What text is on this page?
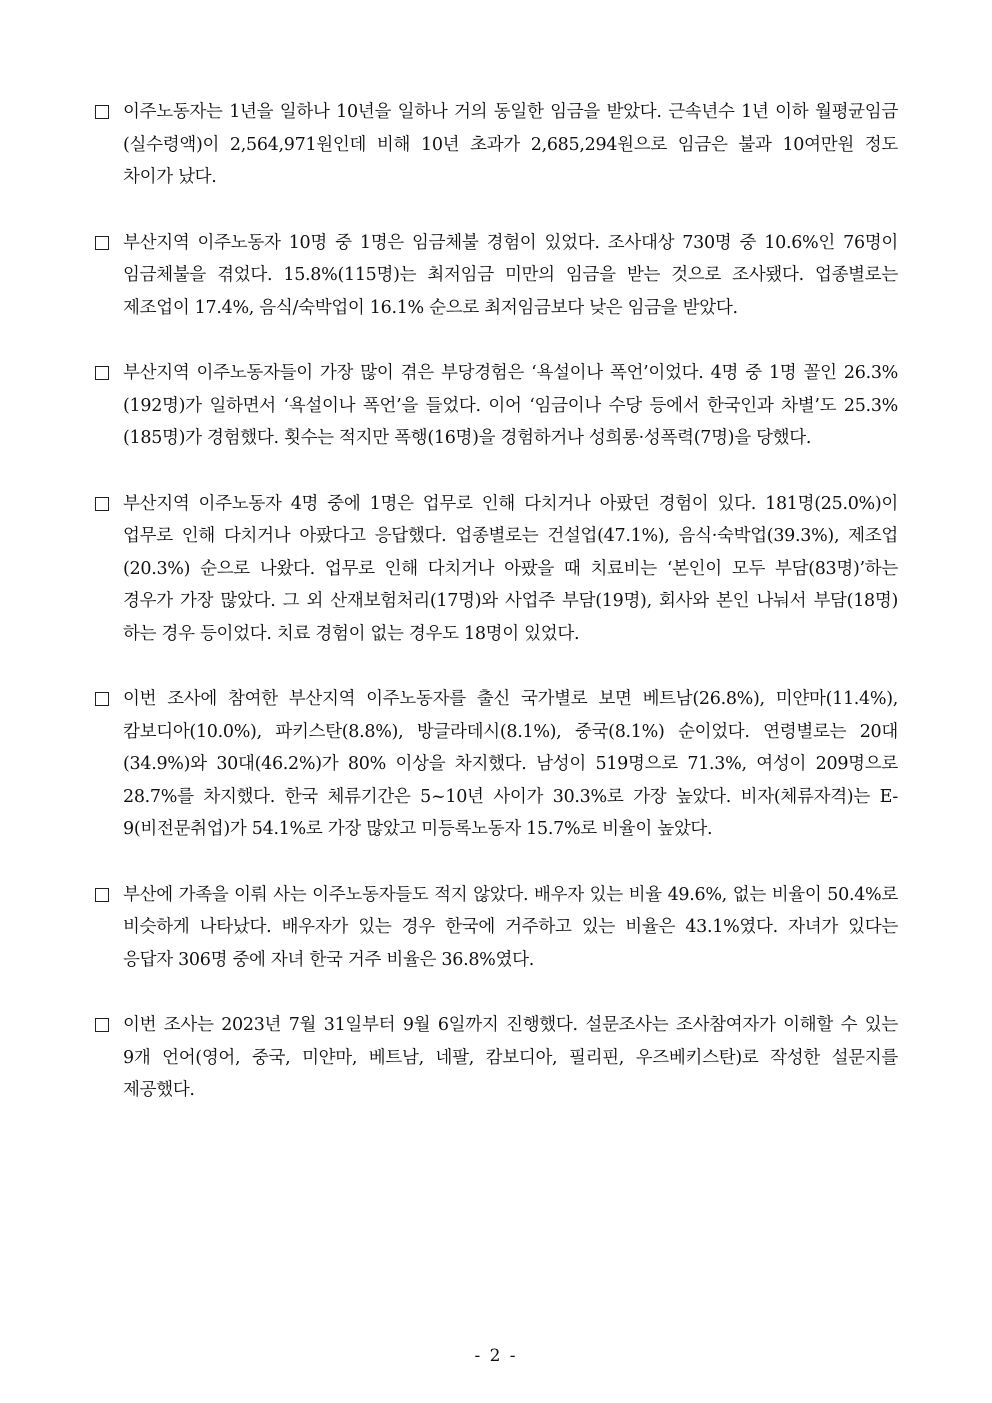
이주노동자는 1년을 일하나 10년을 일하나 거의 동일한 임금을 받았다. 근속년수 1년 이하 월평균임금(실수령액)이 2,564,971원인데 비해 10년 초과가 2,685,294원으로 임금은 불과 10여만원 정도 차이가 났다.

부산지역 이주노동자 10명 중 1명은 임금체불 경험이 있었다. 조사대상 730명 중 10.6%인 76명이 임금체불을 겪었다. 15.8%(115명)는 최저임금 미만의 임금을 받는 것으로 조사됐다. 업종별로는 제조업이 17.4%, 음식/숙박업이 16.1% 순으로 최저임금보다 낮은 임금을 받았다.

부산지역 이주노동자들이 가장 많이 겪은 부당경험은 ‘욕설이나 폭언’이었다. 4명 중 1명 꼴인 26.3%(192명)가 일하면서 ‘욕설이나 폭언’을 들었다. 이어 ‘임금이나 수당 등에서 한국인과 차별’도 25.3%(185명)가 경험했다. 횟수는 적지만 폭행(16명)을 경험하거나 성희롱·성폭력(7명)을 당했다.

부산지역 이주노동자 4명 중에 1명은 업무로 인해 다치거나 아팠던 경험이 있다. 181명(25.0%)이 업무로 인해 다치거나 아팠다고 응답했다. 업종별로는 건설업(47.1%), 음식·숙박업(39.3%), 제조업(20.3%) 순으로 나왔다. 업무로 인해 다치거나 아팠을 때 치료비는 ‘본인이 모두 부담(83명)’하는 경우가 가장 많았다. 그 외 산재보험처리(17명)와 사업주 부담(19명), 회사와 본인 나눠서 부담(18명)하는 경우 등이었다. 치료 경험이 없는 경우도 18명이 있었다.

이번 조사에 참여한 부산지역 이주노동자를 출신 국가별로 보면 베트남(26.8%), 미얀마(11.4%), 캄보디아(10.0%), 파키스탄(8.8%), 방글라데시(8.1%), 중국(8.1%) 순이었다. 연령별로는 20대(34.9%)와 30대(46.2%)가 80% 이상을 차지했다. 남성이 519명으로 71.3%, 여성이 209명으로 28.7%를 차지했다. 한국 체류기간은 5~10년 사이가 30.3%로 가장 높았다. 비자(체류자격)는 E-9(비전문취업)가 54.1%로 가장 많았고 미등록노동자 15.7%로 비율이 높았다.

부산에 가족을 이뤄 사는 이주노동자들도 적지 않았다. 배우자 있는 비율 49.6%, 없는 비율이 50.4%로 비슷하게 나타났다. 배우자가 있는 경우 한국에 거주하고 있는 비율은 43.1%였다. 자녀가 있다는 응답자 306명 중에 자녀 한국 거주 비율은 36.8%였다.

이번 조사는 2023년 7월 31일부터 9월 6일까지 진행했다. 설문조사는 조사참여자가 이해할 수 있는 9개 언어(영어, 중국, 미얀마, 베트남, 네팔, 캄보디아, 필리핀, 우즈베키스탄)로 작성한 설문지를 제공했다.

- 2 -
